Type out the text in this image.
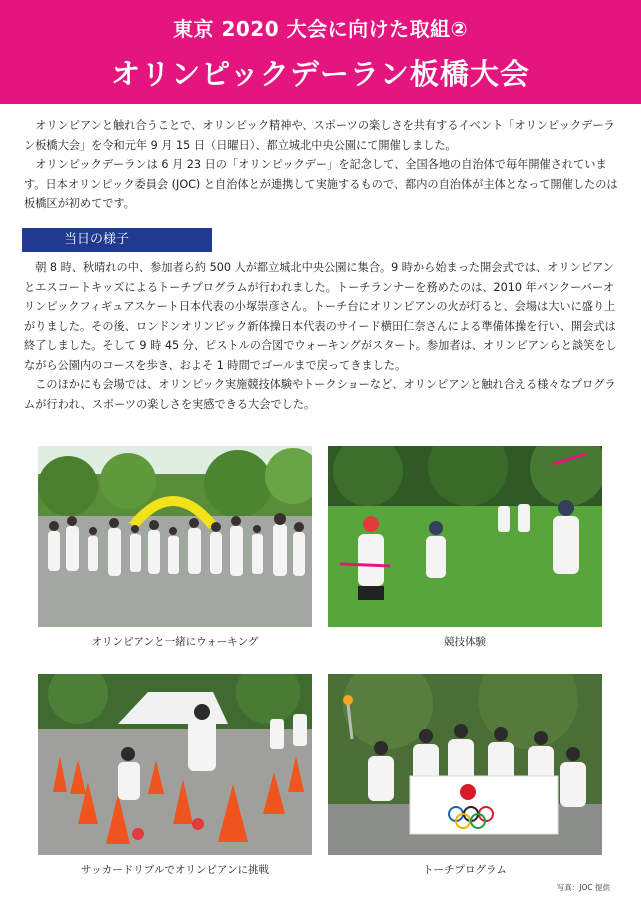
東京 2020 大会に向けた取組②
オリンピックデーラン板橋大会

オリンピアンと触れ合うことで、オリンピック精神や、スポーツの楽しさを共有するイベント「オリンピックデーラン板橋大会」を令和元年 9 月 15 日（日曜日）、都立城北中央公園にて開催しました。

オリンピックデーランは 6 月 23 日の「オリンピックデー」を記念して、全国各地の自治体で毎年開催されています。日本オリンピック委員会 (JOC) と自治体とが連携して実施するもので、都内の自治体が主体となって開催したのは板橋区が初めてです。

当日の様子

朝 8 時、秋晴れの中、参加者ら約 500 人が都立城北中央公園に集合。9 時から始まった開会式では、オリンピアンとエスコートキッズによるトーチプログラムが行われました。トーチランナーを務めたのは、2010 年バンクーバーオリンピックフィギュアスケート日本代表の小塚崇彦さん。トーチ台にオリンピアンの火が灯ると、会場は大いに盛り上がりました。その後、ロンドンオリンピック新体操日本代表のサイード横田仁奈さんによる準備体操を行い、開会式は終了しました。そして 9 時 45 分、ピストルの合図でウォーキングがスタート。参加者は、オリンピアンらと談笑をしながら公園内のコースを歩き、およそ 1 時間でゴールまで戻ってきました。

このほかにも会場では、オリンピック実施競技体験やトークショーなど、オリンピアンと触れ合える様々なプログラムが行われ、スポーツの楽しさを実感できる大会でした。

オリンピアンと一緒にウォーキング	競技体験
サッカードリブルでオリンピアンに挑戦	トーチプログラム
写真：JOC 提供
